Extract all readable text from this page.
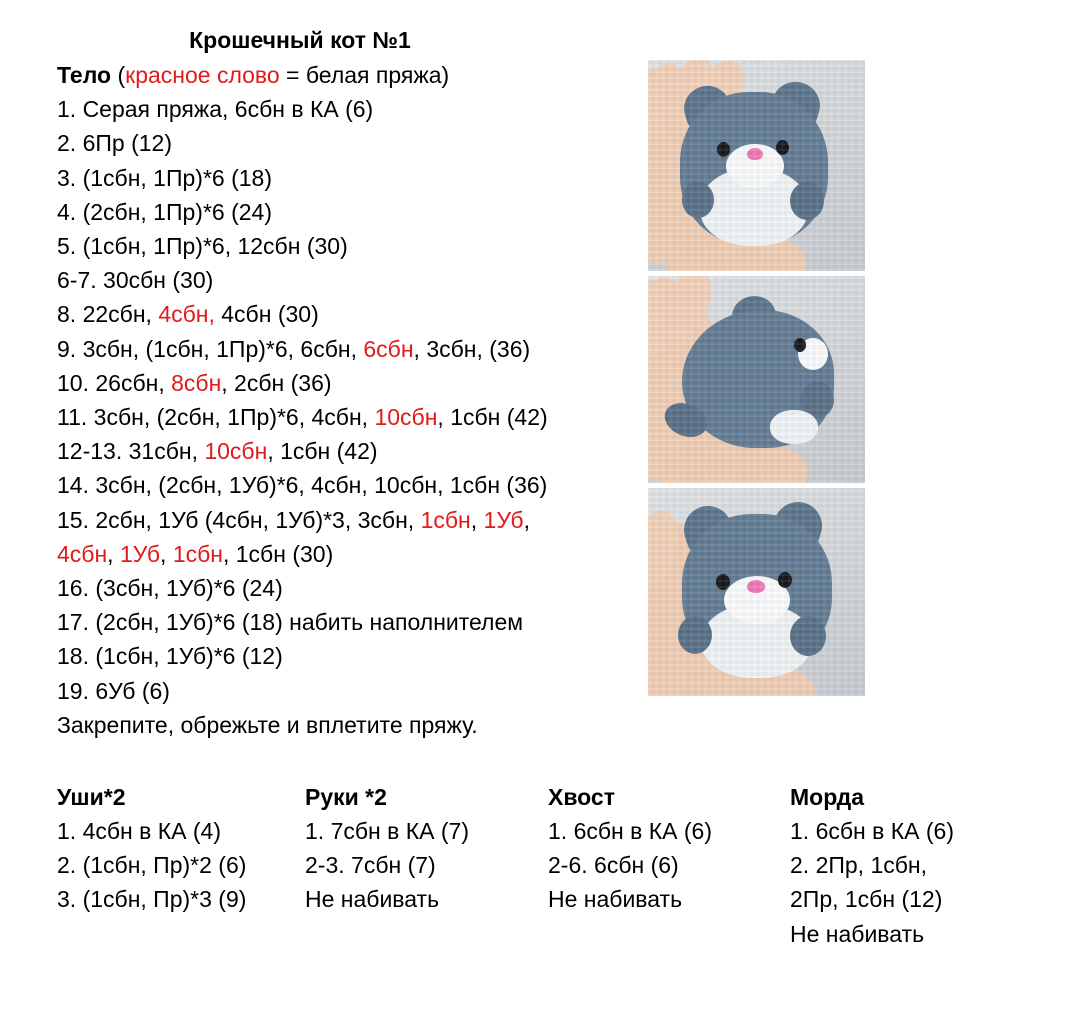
Крошечный кот №1
Тело (красное слово = белая пряжа)
1. Серая пряжа, 6сбн в КА (6)
2. 6Пр (12)
3. (1сбн, 1Пр)*6 (18)
4. (2сбн, 1Пр)*6 (24)
5. (1сбн, 1Пр)*6, 12сбн (30)
6-7. 30сбн (30)
8. 22сбн, 4сбн, 4сбн (30)
9. 3сбн, (1сбн, 1Пр)*6, 6сбн, 6сбн, 3сбн, (36)
10. 26сбн, 8сбн, 2сбн (36)
11. 3сбн, (2сбн, 1Пр)*6, 4сбн, 10сбн, 1сбн (42)
12-13. 31сбн, 10сбн, 1сбн (42)
14. 3сбн, (2сбн, 1Уб)*6, 4сбн, 10сбн, 1сбн (36)
15. 2сбн, 1Уб (4сбн, 1Уб)*3, 3сбн, 1сбн, 1Уб,
4сбн, 1Уб, 1сбн, 1сбн (30)
16. (3сбн, 1Уб)*6 (24)
17. (2сбн, 1Уб)*6 (18) набить наполнителем
18. (1сбн, 1Уб)*6 (12)
19. 6Уб (6)
Закрепите, обрежьте и вплетите пряжу.
Уши*2
1. 4сбн в КА (4)
2. (1сбн, Пр)*2 (6)
3. (1сбн, Пр)*3 (9)
Руки *2
1. 7сбн в КА (7)
2-3. 7сбн (7)
Не набивать
Хвост
1. 6сбн в КА (6)
2-6. 6сбн (6)
Не набивать
Морда
1. 6сбн в КА (6)
2. 2Пр, 1сбн,
2Пр, 1сбн (12)
Не набивать
